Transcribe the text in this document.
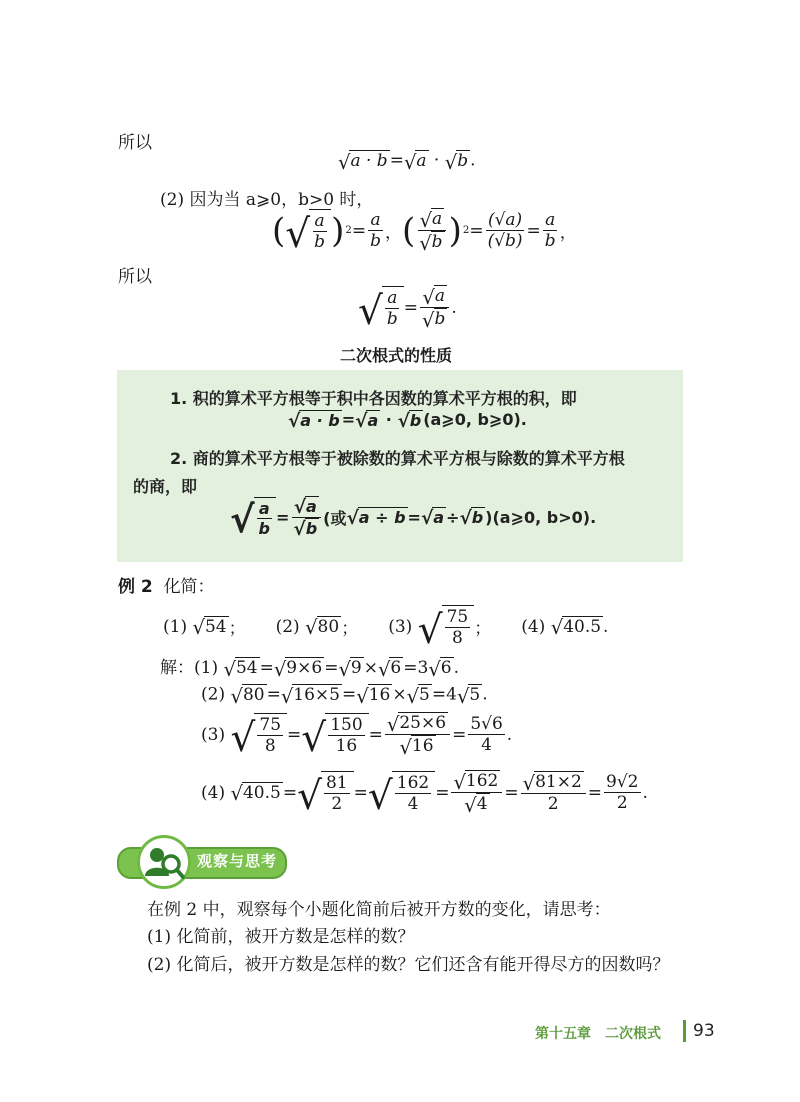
所以
√ a · b = √ a · √ b .
(2) 因为当 a⩾0，b>0 时，
( √ $\frac{a}{b}$ ) $2 = \frac{a}{b}$ ， ( $\frac{√ a}{√ b}$ ) $2 = \frac{(√a)}{(√b)} = \frac{a}{b}$ ，
所以
√ $\frac{a}{b} = \frac{√ a}{√ b}$ .
二次根式的性质
1. 积的算术平方根等于积中各因数的算术平方根的积，即
√ a · b = √ a · √ b (a⩾0, b⩾0).
2. 商的算术平方根等于被除数的算术平方根与除数的算术平方根
的商，即
√ $\frac{a}{b} = \frac{√ a}{√ b}$ (或 √ a ÷ b = √ a ÷ √ b ) (a⩾0, b>0).
例 2 化简：
(1)
√ 54 ； (2)
√ 80 ； (3)
√ $\frac{75}{8}$ ； (4)
√ 40.5 .
解：(1) √ 54 = √ 9×6 = √ 9 × √ 6 =3 √ 6 .
(2) √ 80 = √ 16×5 = √ 16 × √ 5 =4 √ 5 .
(3)
√ $\frac{75}{8}$ = √ $\frac{150}{16} = \frac{√ 25\times 6}{√ 16} = \frac{5√6}{4}$ .
(4)
√ 40.5 = √ $\frac{81}{2}$ = √ $\frac{162}{4} = \frac{√ 162}{√ 4} = \frac{√ 81\times 2}{2} = \frac{9√2}{2}$ .
观察与思考
在例 2 中，观察每个小题化简前后被开方数的变化，请思考：
(1) 化简前，被开方数是怎样的数？
(2) 化简后，被开方数是怎样的数？它们还含有能开得尽方的因数吗？
第十五章　二次根式 93
